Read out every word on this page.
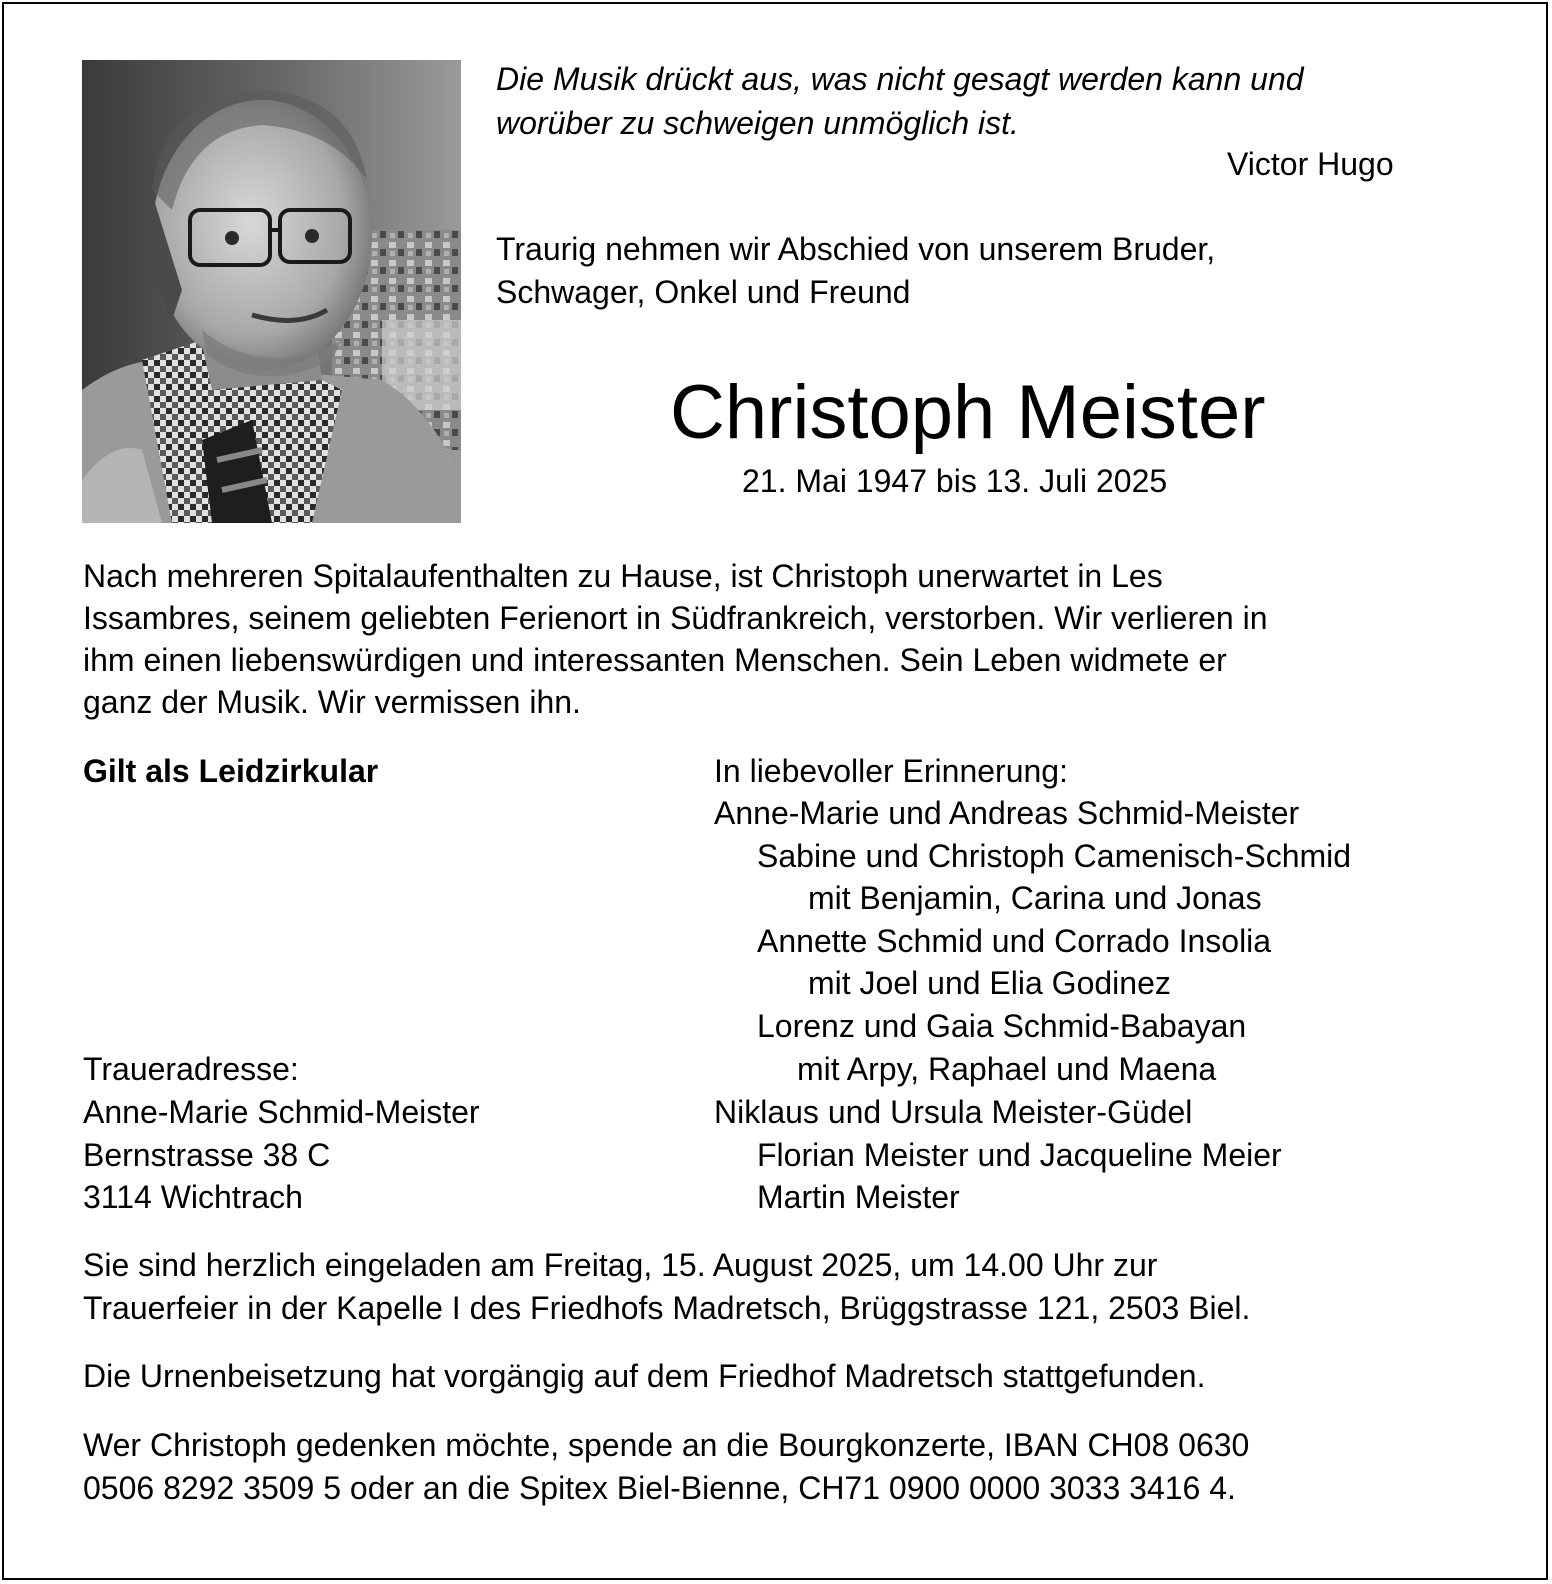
Die Musik drückt aus, was nicht gesagt werden kann und

worüber zu schweigen unmöglich ist.

Victor Hugo

Traurig nehmen wir Abschied von unserem Bruder,

Schwager, Onkel und Freund

Christoph Meister

21. Mai 1947 bis 13. Juli 2025

Nach mehreren Spitalaufenthalten zu Hause, ist Christoph unerwartet in Les

Issambres, seinem geliebten Ferienort in Südfrankreich, verstorben. Wir verlieren in

ihm einen liebenswürdigen und interessanten Menschen. Sein Leben widmete er

ganz der Musik. Wir vermissen ihn.

Gilt als Leidzirkular

Traueradresse:

Anne-Marie Schmid-Meister

Bernstrasse 38 C

3114 Wichtrach

In liebevoller Erinnerung:

Anne-Marie und Andreas Schmid-Meister

Sabine und Christoph Camenisch-Schmid

mit Benjamin, Carina und Jonas

Annette Schmid und Corrado Insolia

mit Joel und Elia Godinez

Lorenz und Gaia Schmid-Babayan

mit Arpy, Raphael und Maena

Niklaus und Ursula Meister-Güdel

Florian Meister und Jacqueline Meier

Martin Meister

Sie sind herzlich eingeladen am Freitag, 15. August 2025, um 14.00 Uhr zur

Trauerfeier in der Kapelle I des Friedhofs Madretsch, Brüggstrasse 121, 2503 Biel.

Die Urnenbeisetzung hat vorgängig auf dem Friedhof Madretsch stattgefunden.

Wer Christoph gedenken möchte, spende an die Bourgkonzerte, IBAN CH08 0630

0506 8292 3509 5 oder an die Spitex Biel-Bienne, CH71 0900 0000 3033 3416 4.
